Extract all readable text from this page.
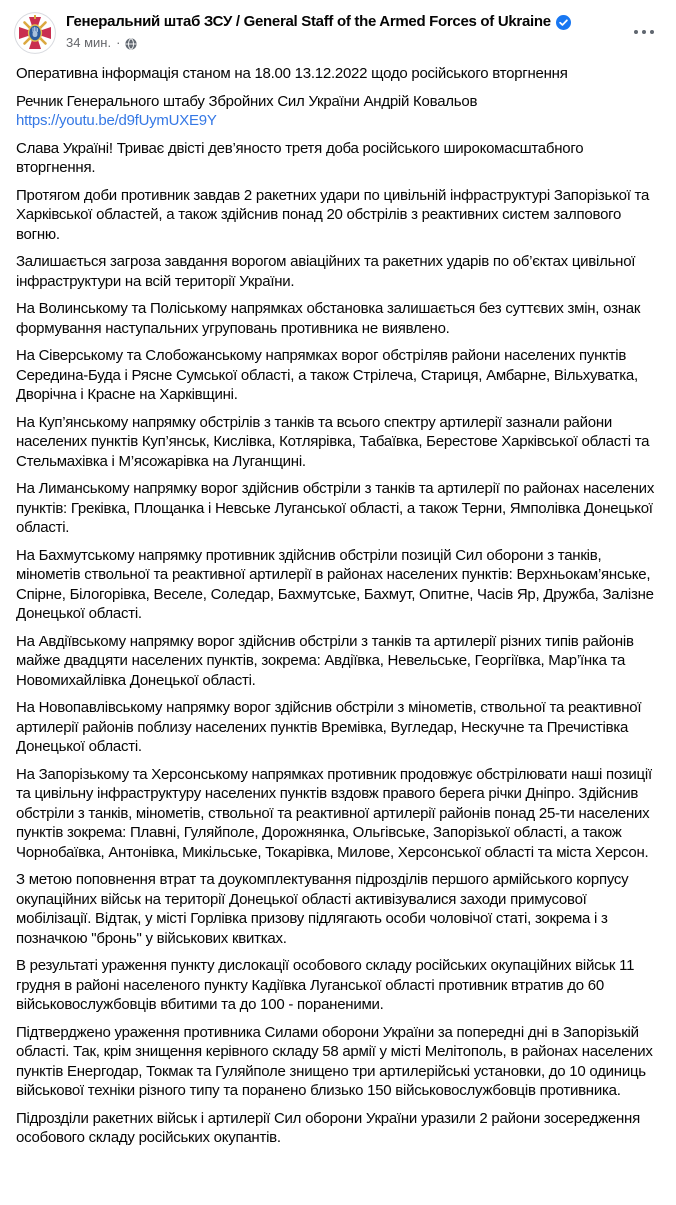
Генеральний штаб ЗСУ / General Staff of the Armed Forces of Ukraine
34 мин. ·

Оперативна інформація станом на 18.00 13.12.2022 щодо російського вторгнення

Речник Генерального штабу Збройних Сил України Андрій Ковальов
https://youtu.be/d9fUymUXE9Y

Слава Україні! Триває двісті дев’яносто третя доба російського широкомасштабного вторгнення.

Протягом доби противник завдав 2 ракетних удари по цивільній інфраструктурі Запорізької та Харківської областей, а також здійснив понад 20 обстрілів з реактивних систем залпового вогню.

Залишається загроза завдання ворогом авіаційних та ракетних ударів по об’єктах цивільної інфраструктури на всій території України.

На Волинському та Поліському напрямках обстановка залишається без суттєвих змін, ознак формування наступальних угруповань противника не виявлено.

На Сіверському та Слобожанському напрямках ворог обстріляв райони населених пунктів Середина-Буда і Рясне Сумської області, а також Стрілеча, Стариця, Амбарне, Вільхуватка, Дворічна і Красне на Харківщині.

На Куп’янському напрямку обстрілів з танків та всього спектру артилерії зазнали райони населених пунктів Куп’янськ, Кислівка, Котлярівка, Табаївка, Берестове Харківської області та Стельмахівка і М’ясожарівка на Луганщині.

На Лиманському напрямку ворог здійснив обстріли з танків та артилерії по районах населених пунктів: Греківка, Площанка і Невське Луганської області, а також Терни, Ямполівка Донецької області.

На Бахмутському напрямку противник здійснив обстріли позицій Сил оборони з танків, мінометів ствольної та реактивної артилерії в районах населених пунктів: Верхньокам’янське, Спірне, Білогорівка, Веселе, Соледар, Бахмутське, Бахмут, Опитне, Часів Яр, Дружба, Залізне Донецької області.

На Авдіївському напрямку ворог здійснив обстріли з танків та артилерії різних типів районів майже двадцяти населених пунктів, зокрема: Авдіївка, Невельське, Георгіївка, Мар’їнка та Новомихайлівка Донецької області.

На Новопавлівському напрямку ворог здійснив обстріли з мінометів, ствольної та реактивної артилерії районів поблизу населених пунктів Времівка, Вугледар, Нескучне та Пречистівка Донецької області.

На Запорізькому та Херсонському напрямках противник продовжує обстрілювати наші позиції та цивільну інфраструктуру населених пунктів вздовж правого берега річки Дніпро. Здійснив обстріли з танків, мінометів, ствольної та реактивної артилерії районів понад 25-ти населених пунктів зокрема: Плавні, Гуляйполе, Дорожнянка, Ольгівське, Запорізької області, а також Чорнобаївка, Антонівка, Микільське, Токарівка, Милове, Херсонської області та міста Херсон.

З метою поповнення втрат та доукомплектування підрозділів першого армійського корпусу окупаційних військ на території Донецької області активізувалися заходи примусової мобілізації. Відтак, у місті Горлівка призову підлягають особи чоловічої статі, зокрема і з позначкою "бронь" у військових квитках.

В результаті ураження пункту дислокації особового складу російських окупаційних військ 11 грудня в районі населеного пункту Кадіївка Луганської області противник втратив до 60 військовослужбовців вбитими та до 100 - пораненими.

Підтверджено ураження противника Силами оборони України за попередні дні в Запорізькій області. Так, крім знищення керівного складу 58 армії у місті Мелітополь, в районах населених пунктів Енергодар, Токмак та Гуляйполе знищено три артилерійські установки, до 10 одиниць військової техніки різного типу та поранено близько 150 військовослужбовців противника.

Підрозділи ракетних військ і артилерії Сил оборони України уразили 2 райони зосередження особового складу російських окупантів.
